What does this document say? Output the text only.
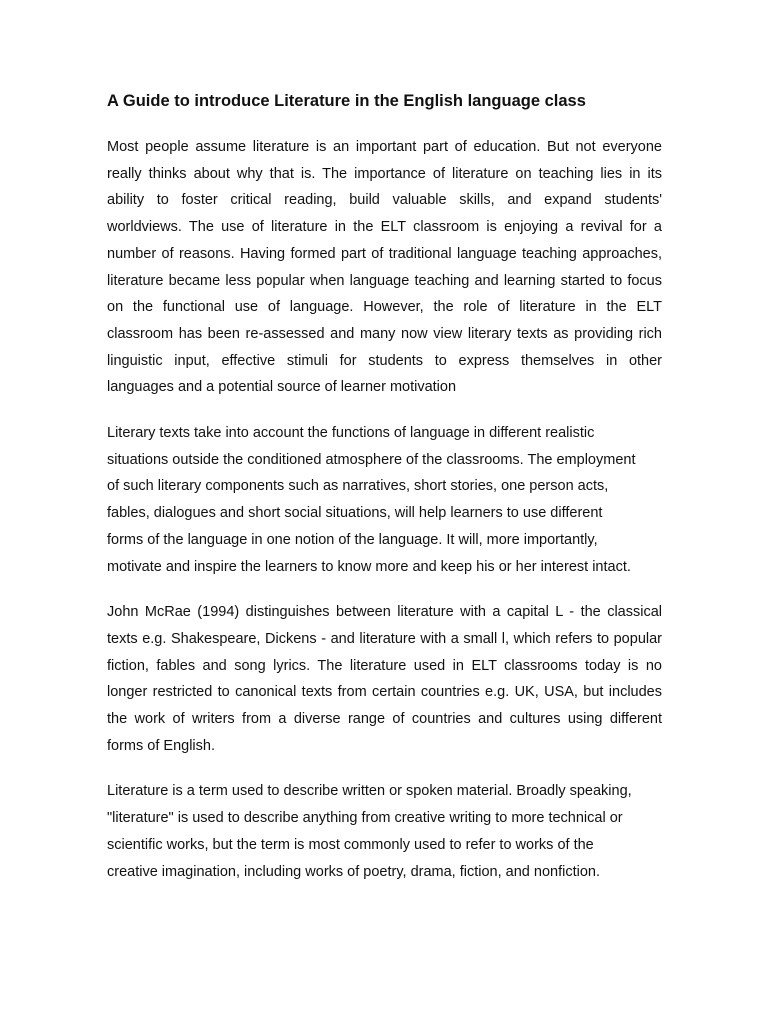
A Guide to introduce Literature in the English language class
Most people assume literature is an important part of education. But not everyone
really thinks about why that is. The importance of literature on teaching lies in its
ability to foster critical reading, build valuable skills, and expand students'
worldviews. The use of literature in the ELT classroom is enjoying a revival for a
number of reasons. Having formed part of traditional language teaching approaches,
literature became less popular when language teaching and learning started to focus
on the functional use of language. However, the role of literature in the ELT
classroom has been re-assessed and many now view literary texts as providing rich
linguistic input, effective stimuli for students to express themselves in other
languages and a potential source of learner motivation
Literary texts take into account the functions of language in different realistic
situations outside the conditioned atmosphere of the classrooms. The employment
of such literary components such as narratives, short stories, one person acts,
fables, dialogues and short social situations, will help learners to use different
forms of the language in one notion of the language. It will, more importantly,
motivate and inspire the learners to know more and keep his or her interest intact.
John McRae (1994) distinguishes between literature with a capital L - the classical
texts e.g. Shakespeare, Dickens - and literature with a small l, which refers to popular
fiction, fables and song lyrics. The literature used in ELT classrooms today is no
longer restricted to canonical texts from certain countries e.g. UK, USA, but includes
the work of writers from a diverse range of countries and cultures using different
forms of English.
Literature is a term used to describe written or spoken material. Broadly speaking,
"literature" is used to describe anything from creative writing to more technical or
scientific works, but the term is most commonly used to refer to works of the
creative imagination, including works of poetry, drama, fiction, and nonfiction.
